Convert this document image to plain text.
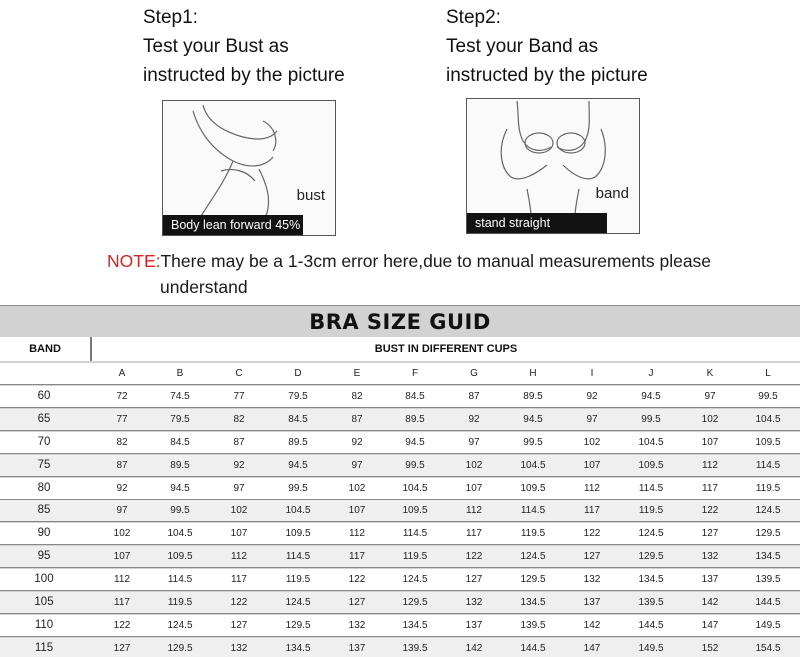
Step1:
Test your Bust as
instructed by the picture
Step2:
Test your Band as
instructed by the picture
bust
Body lean forward 45%
band
stand straight
NOTE:There may be a 1-3cm error here,due to manual measurements please
understand
BRA SIZE GUID
BAND	BUST IN DIFFERENT CUPS
A	B	C	D	E	F	G	H	I	J	K	L
60	72	74.5	77	79.5	82	84.5	87	89.5	92	94.5	97	99.5
65	77	79.5	82	84.5	87	89.5	92	94.5	97	99.5	102	104.5
70	82	84.5	87	89.5	92	94.5	97	99.5	102	104.5	107	109.5
75	87	89.5	92	94.5	97	99.5	102	104.5	107	109.5	112	114.5
80	92	94.5	97	99.5	102	104.5	107	109.5	112	114.5	117	119.5
85	97	99.5	102	104.5	107	109.5	112	114.5	117	119.5	122	124.5
90	102	104.5	107	109.5	112	114.5	117	119.5	122	124.5	127	129.5
95	107	109.5	112	114.5	117	119.5	122	124.5	127	129.5	132	134.5
100	112	114.5	117	119.5	122	124.5	127	129.5	132	134.5	137	139.5
105	117	119.5	122	124.5	127	129.5	132	134.5	137	139.5	142	144.5
110	122	124.5	127	129.5	132	134.5	137	139.5	142	144.5	147	149.5
115	127	129.5	132	134.5	137	139.5	142	144.5	147	149.5	152	154.5
